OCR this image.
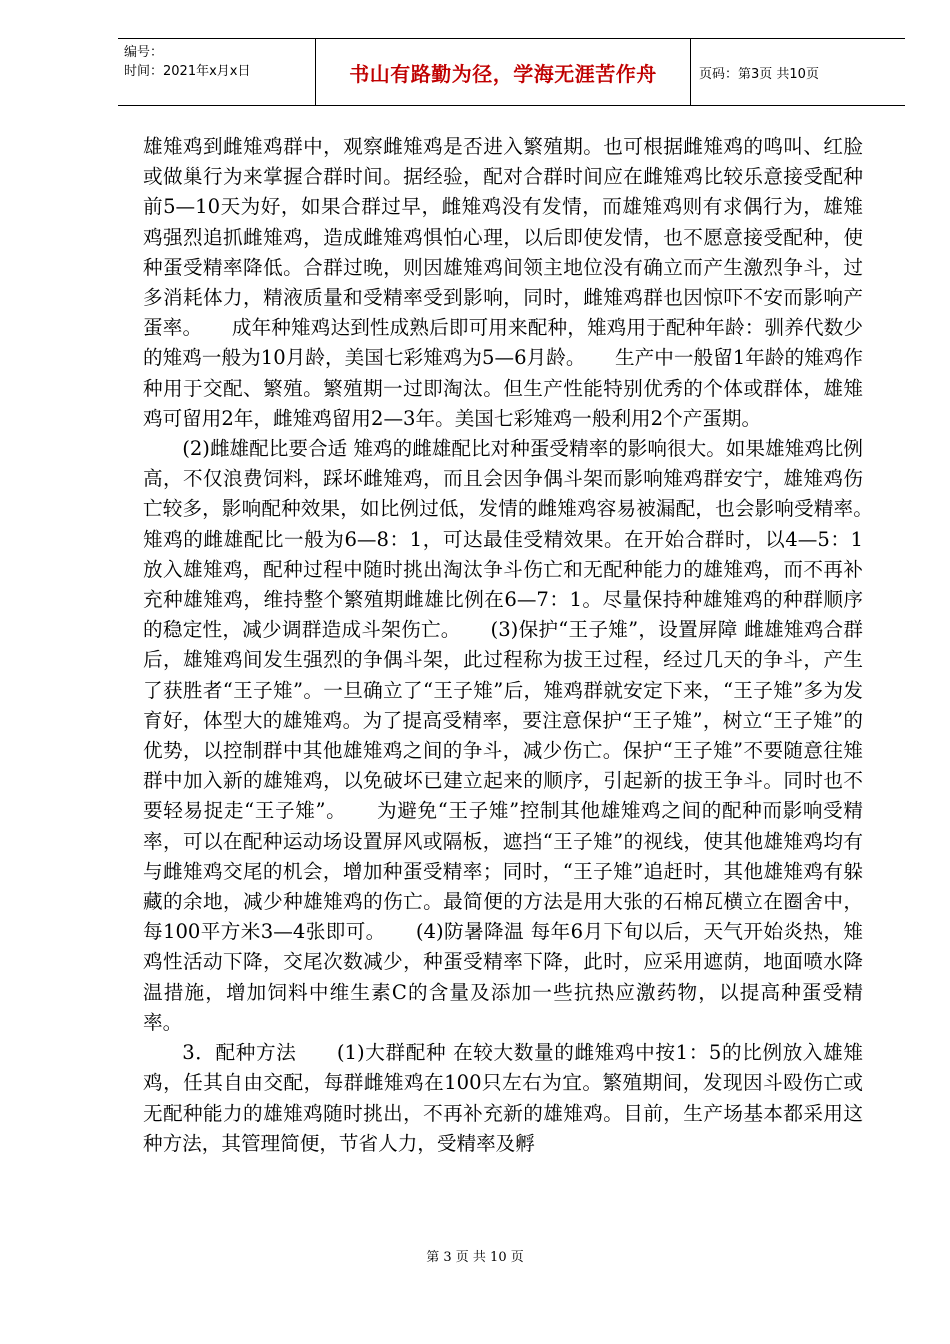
编号：
时间：2021年x月x日	书山有路勤为径，学海无涯苦作舟	页码：第3页 共10页

雄雉鸡到雌雉鸡群中，观察雌雉鸡是否进入繁殖期。也可根据雌雉鸡的鸣叫、红脸或做巢行为来掌握合群时间。据经验，配对合群时间应在雌雉鸡比较乐意接受配种前5—10天为好，如果合群过早，雌雉鸡没有发情，而雄雉鸡则有求偶行为，雄雉鸡强烈追抓雌雉鸡，造成雌雉鸡惧怕心理，以后即使发情，也不愿意接受配种，使种蛋受精率降低。合群过晚，则因雄雉鸡间领主地位没有确立而产生激烈争斗，过多消耗体力，精液质量和受精率受到影响，同时，雌雉鸡群也因惊吓不安而影响产蛋率。　　成年种雉鸡达到性成熟后即可用来配种，雉鸡用于配种年龄：驯养代数少的雉鸡一般为10月龄，美国七彩雉鸡为5—6月龄。　　生产中一般留1年龄的雉鸡作种用于交配、繁殖。繁殖期一过即淘汰。但生产性能特别优秀的个体或群体，雄雉鸡可留用2年，雌雉鸡留用2—3年。美国七彩雉鸡一般利用2个产蛋期。

(2)雌雄配比要合适 雉鸡的雌雄配比对种蛋受精率的影响很大。如果雄雉鸡比例高，不仅浪费饲料，踩坏雌雉鸡，而且会因争偶斗架而影响雉鸡群安宁，雄雉鸡伤亡较多，影响配种效果，如比例过低，发情的雌雉鸡容易被漏配，也会影响受精率。　　雉鸡的雌雄配比一般为6—8：1，可达最佳受精效果。在开始合群时，以4—5：1放入雄雉鸡，配种过程中随时挑出淘汰争斗伤亡和无配种能力的雄雉鸡，而不再补充种雄雉鸡，维持整个繁殖期雌雄比例在6—7：1。尽量保持种雄雉鸡的种群顺序的稳定性，减少调群造成斗架伤亡。　　(3)保护“王子雉”，设置屏障 雌雄雉鸡合群后，雄雉鸡间发生强烈的争偶斗架，此过程称为拔王过程，经过几天的争斗，产生了获胜者“王子雉”。一旦确立了“王子雉”后，雉鸡群就安定下来，“王子雉”多为发育好，体型大的雄雉鸡。为了提高受精率，要注意保护“王子雉”，树立“王子雉”的优势，以控制群中其他雄雉鸡之间的争斗，减少伤亡。保护“王子雉”不要随意往雉群中加入新的雄雉鸡，以免破坏已建立起来的顺序，引起新的拔王争斗。同时也不要轻易捉走“王子雉”。　　为避免“王子雉”控制其他雄雉鸡之间的配种而影响受精率，可以在配种运动场设置屏风或隔板，遮挡“王子雉”的视线，使其他雄雉鸡均有与雌雉鸡交尾的机会，增加种蛋受精率；同时，“王子雉”追赶时，其他雄雉鸡有躲藏的余地，减少种雄雉鸡的伤亡。最简便的方法是用大张的石棉瓦横立在圈舍中，每100平方米3—4张即可。　　(4)防暑降温 每年6月下旬以后，天气开始炎热，雉鸡性活动下降，交尾次数减少，种蛋受精率下降，此时，应采用遮荫，地面喷水降温措施，增加饲料中维生素C的含量及添加一些抗热应激药物，以提高种蛋受精率。

3．配种方法　　(1)大群配种 在较大数量的雌雉鸡中按1：5的比例放入雄雉鸡，任其自由交配，每群雌雉鸡在100只左右为宜。繁殖期间，发现因斗殴伤亡或无配种能力的雄雉鸡随时挑出，不再补充新的雄雉鸡。目前，生产场基本都采用这种方法，其管理简便，节省人力，受精率及孵

第 3 页 共 10 页
